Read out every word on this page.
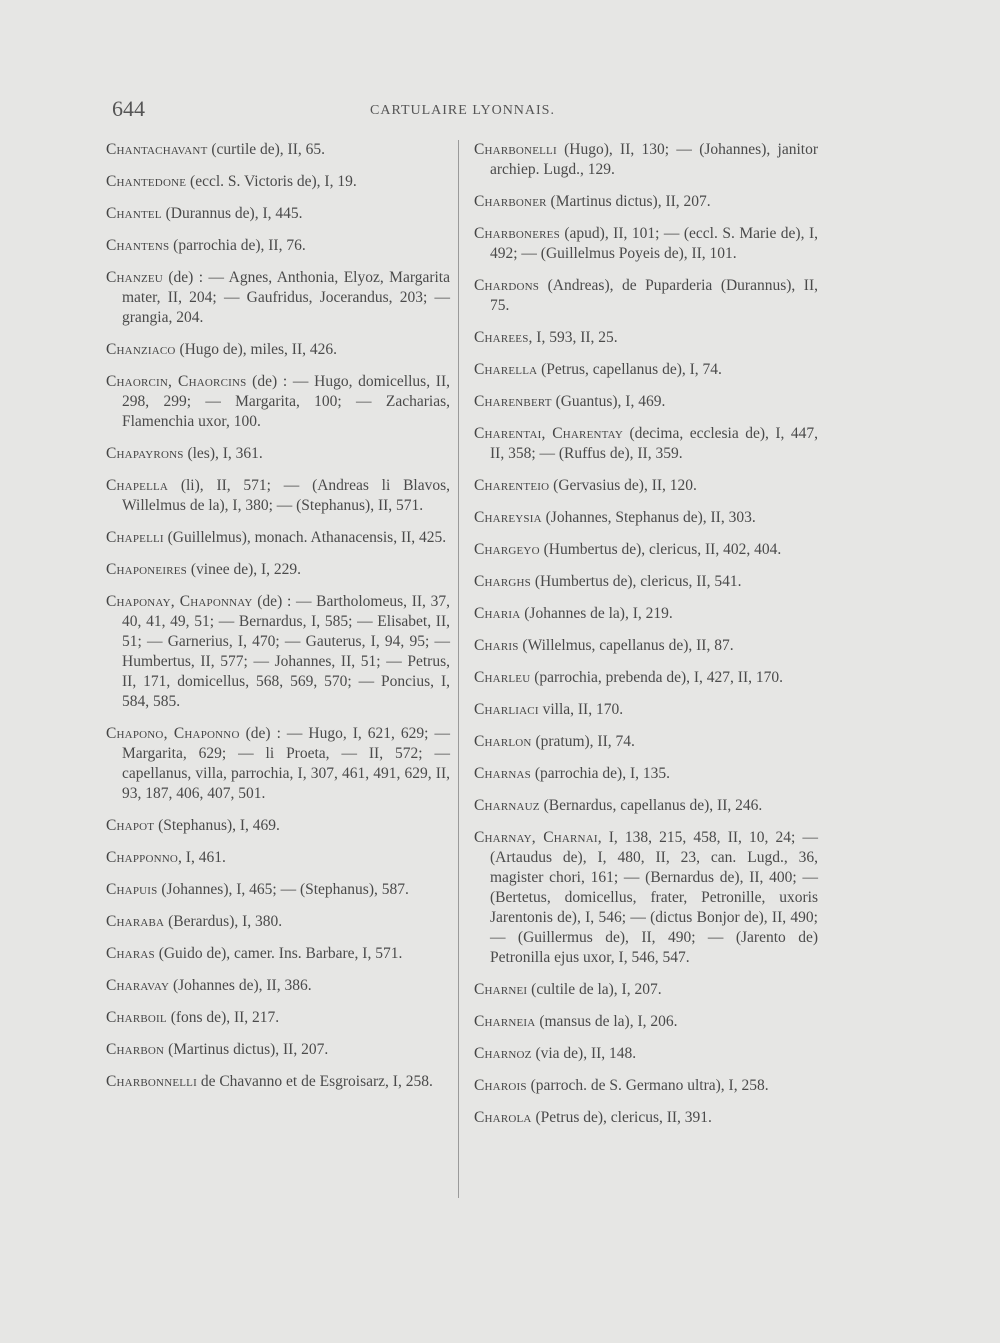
644	CARTULAIRE LYONNAIS.
Chantachavant (curtile de), II, 65.
Chantedone (eccl. S. Victoris de), I, 19.
Chantel (Durannus de), I, 445.
Chantens (parrochia de), II, 76.
Chanzeu (de) : — Agnes, Anthonia, Elyoz, Margarita mater, II, 204; — Gaufridus, Jocerandus, 203; — grangia, 204.
Chanziaco (Hugo de), miles, II, 426.
Chaorcin, Chaorcins (de) : — Hugo, domicellus, II, 298, 299; — Margarita, 100; — Zacharias, Flamenchia uxor, 100.
Chapayrons (les), I, 361.
Chapella (li), II, 571; — (Andreas li Blavos, Willelmus de la), I, 380; — (Stephanus), II, 571.
Chapelli (Guillelmus), monach. Athanacensis, II, 425.
Chaponeires (vinee de), I, 229.
Chaponay, Chaponnay (de) : — Bartholomeus, II, 37, 40, 41, 49, 51; — Bernardus, I, 585; — Elisabet, II, 51; — Garnerius, I, 470; — Gauterus, I, 94, 95; — Humbertus, II, 577; — Johannes, II, 51; — Petrus, II, 171, domicellus, 568, 569, 570; — Poncius, I, 584, 585.
Chapono, Chaponno (de) : — Hugo, I, 621, 629; — Margarita, 629; — li Proeta, — II, 572; — capellanus, villa, parrochia, I, 307, 461, 491, 629, II, 93, 187, 406, 407, 501.
Chapot (Stephanus), I, 469.
Chapponno, I, 461.
Chapuis (Johannes), I, 465; — (Stephanus), 587.
Charaba (Berardus), I, 380.
Charas (Guido de), camer. Ins. Barbare, I, 571.
Charavay (Johannes de), II, 386.
Charboil (fons de), II, 217.
Charbon (Martinus dictus), II, 207.
Charbonnelli de Chavanno et de Esgroisarz, I, 258.
Charbonelli (Hugo), II, 130; — (Johannes), janitor archiep. Lugd., 129.
Charboner (Martinus dictus), II, 207.
Charboneres (apud), II, 101; — (eccl. S. Marie de), I, 492; — (Guillelmus Poyeis de), II, 101.
Chardons (Andreas), de Puparderia (Durannus), II, 75.
Charees, I, 593, II, 25.
Charella (Petrus, capellanus de), I, 74.
Charenbert (Guantus), I, 469.
Charentai, Charentay (decima, ecclesia de), I, 447, II, 358; — (Ruffus de), II, 359.
Charenteio (Gervasius de), II, 120.
Chareysia (Johannes, Stephanus de), II, 303.
Chargeyo (Humbertus de), clericus, II, 402, 404.
Charghs (Humbertus de), clericus, II, 541.
Charia (Johannes de la), I, 219.
Charis (Willelmus, capellanus de), II, 87.
Charleu (parrochia, prebenda de), I, 427, II, 170.
Charliaci villa, II, 170.
Charlon (pratum), II, 74.
Charnas (parrochia de), I, 135.
Charnauz (Bernardus, capellanus de), II, 246.
Charnay, Charnai, I, 138, 215, 458, II, 10, 24; — (Artaudus de), I, 480, II, 23, can. Lugd., 36, magister chori, 161; — (Bernardus de), II, 400; — (Bertetus, domicellus, frater, Petronille, uxoris Jarentonis de), I, 546; — (dictus Bonjor de), II, 490; — (Guillermus de), II, 490; — (Jarento de) Petronilla ejus uxor, I, 546, 547.
Charnei (cultile de la), I, 207.
Charneia (mansus de la), I, 206.
Charnoz (via de), II, 148.
Charois (parroch. de S. Germano ultra), I, 258.
Charola (Petrus de), clericus, II, 391.
